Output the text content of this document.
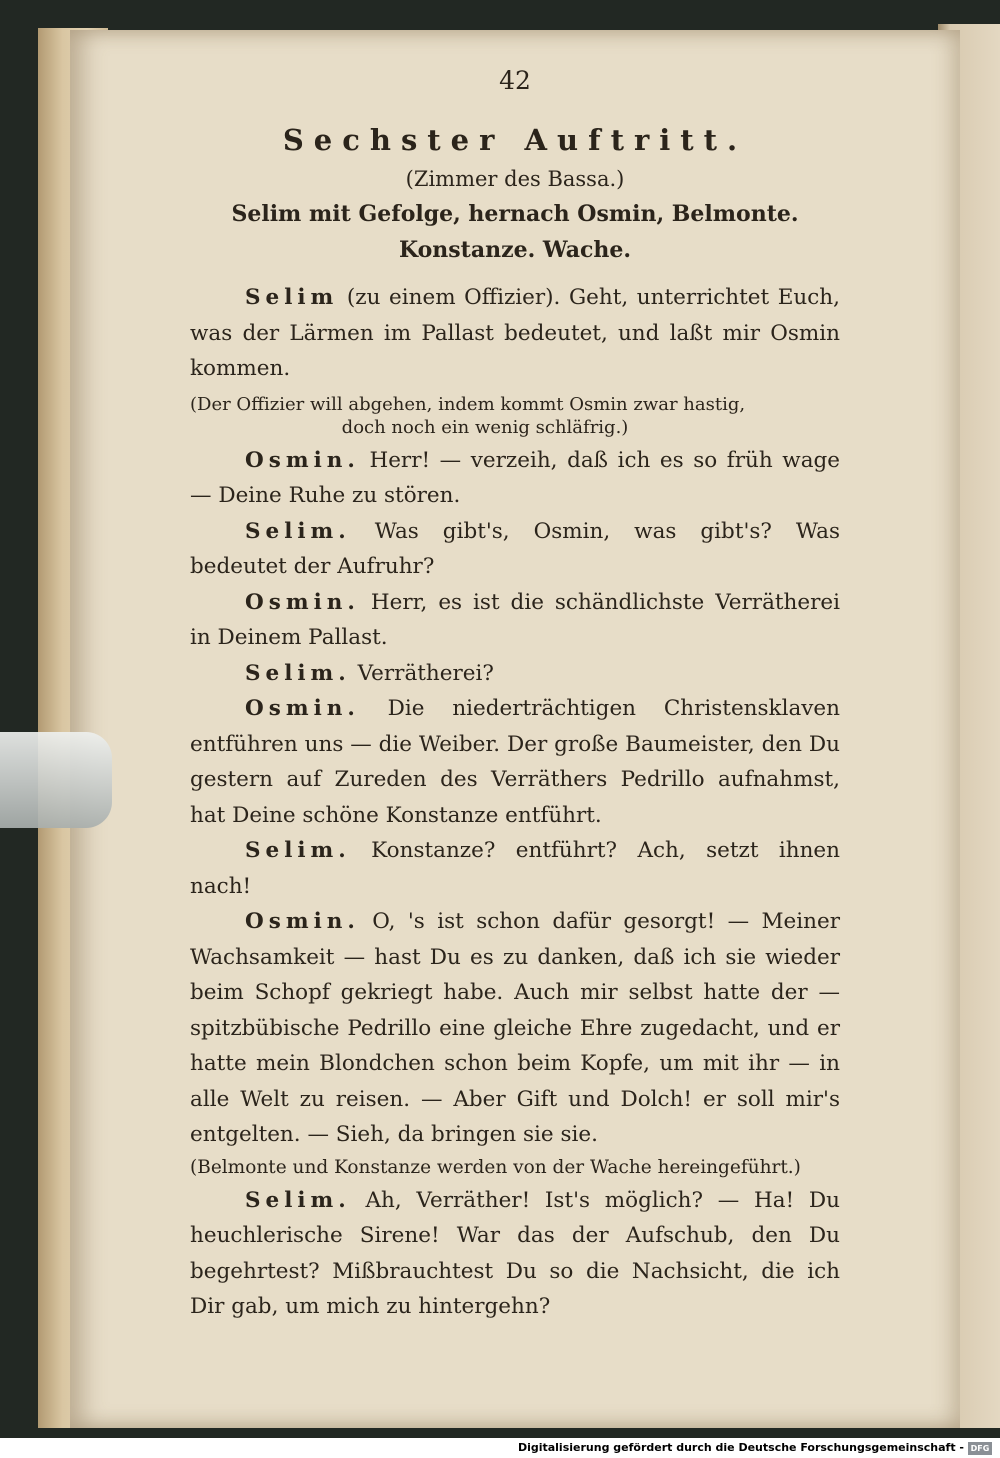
42
Sechster Auftritt.
(Zimmer des Bassa.)
Selim mit Gefolge, hernach Osmin, Belmonte.
Konstanze. Wache.

Selim (zu einem Offizier). Geht, unterrichtet Euch, was der Lärmen im Pallast bedeutet, und laßt mir Osmin kommen.

(Der Offizier will abgehen, indem kommt Osmin zwar hastig,
doch noch ein wenig schläfrig.)

Osmin. Herr! — verzeih, daß ich es so früh wage — Deine Ruhe zu stören.

Selim. Was gibt's, Osmin, was gibt's? Was bedeutet der Aufruhr?

Osmin. Herr, es ist die schändlichste Verrätherei in Deinem Pallast.

Selim. Verrätherei?

Osmin. Die niederträchtigen Christensklaven entführen uns — die Weiber. Der große Baumeister, den Du gestern auf Zureden des Verräthers Pedrillo aufnahmst, hat Deine schöne Konstanze entführt.

Selim. Konstanze? entführt? Ach, setzt ihnen nach!

Osmin. O, 's ist schon dafür gesorgt! — Meiner Wachsamkeit — hast Du es zu danken, daß ich sie wieder beim Schopf gekriegt habe. Auch mir selbst hatte der — spitzbübische Pedrillo eine gleiche Ehre zugedacht, und er hatte mein Blondchen schon beim Kopfe, um mit ihr — in alle Welt zu reisen. — Aber Gift und Dolch! er soll mir's entgelten. — Sieh, da bringen sie sie.

(Belmonte und Konstanze werden von der Wache hereingeführt.)

Selim. Ah, Verräther! Ist's möglich? — Ha! Du heuchlerische Sirene! War das der Aufschub, den Du begehrtest? Mißbrauchtest Du so die Nachsicht, die ich Dir gab, um mich zu hintergehn?

Digitalisierung gefördert durch die Deutsche Forschungsgemeinschaft - DFG
